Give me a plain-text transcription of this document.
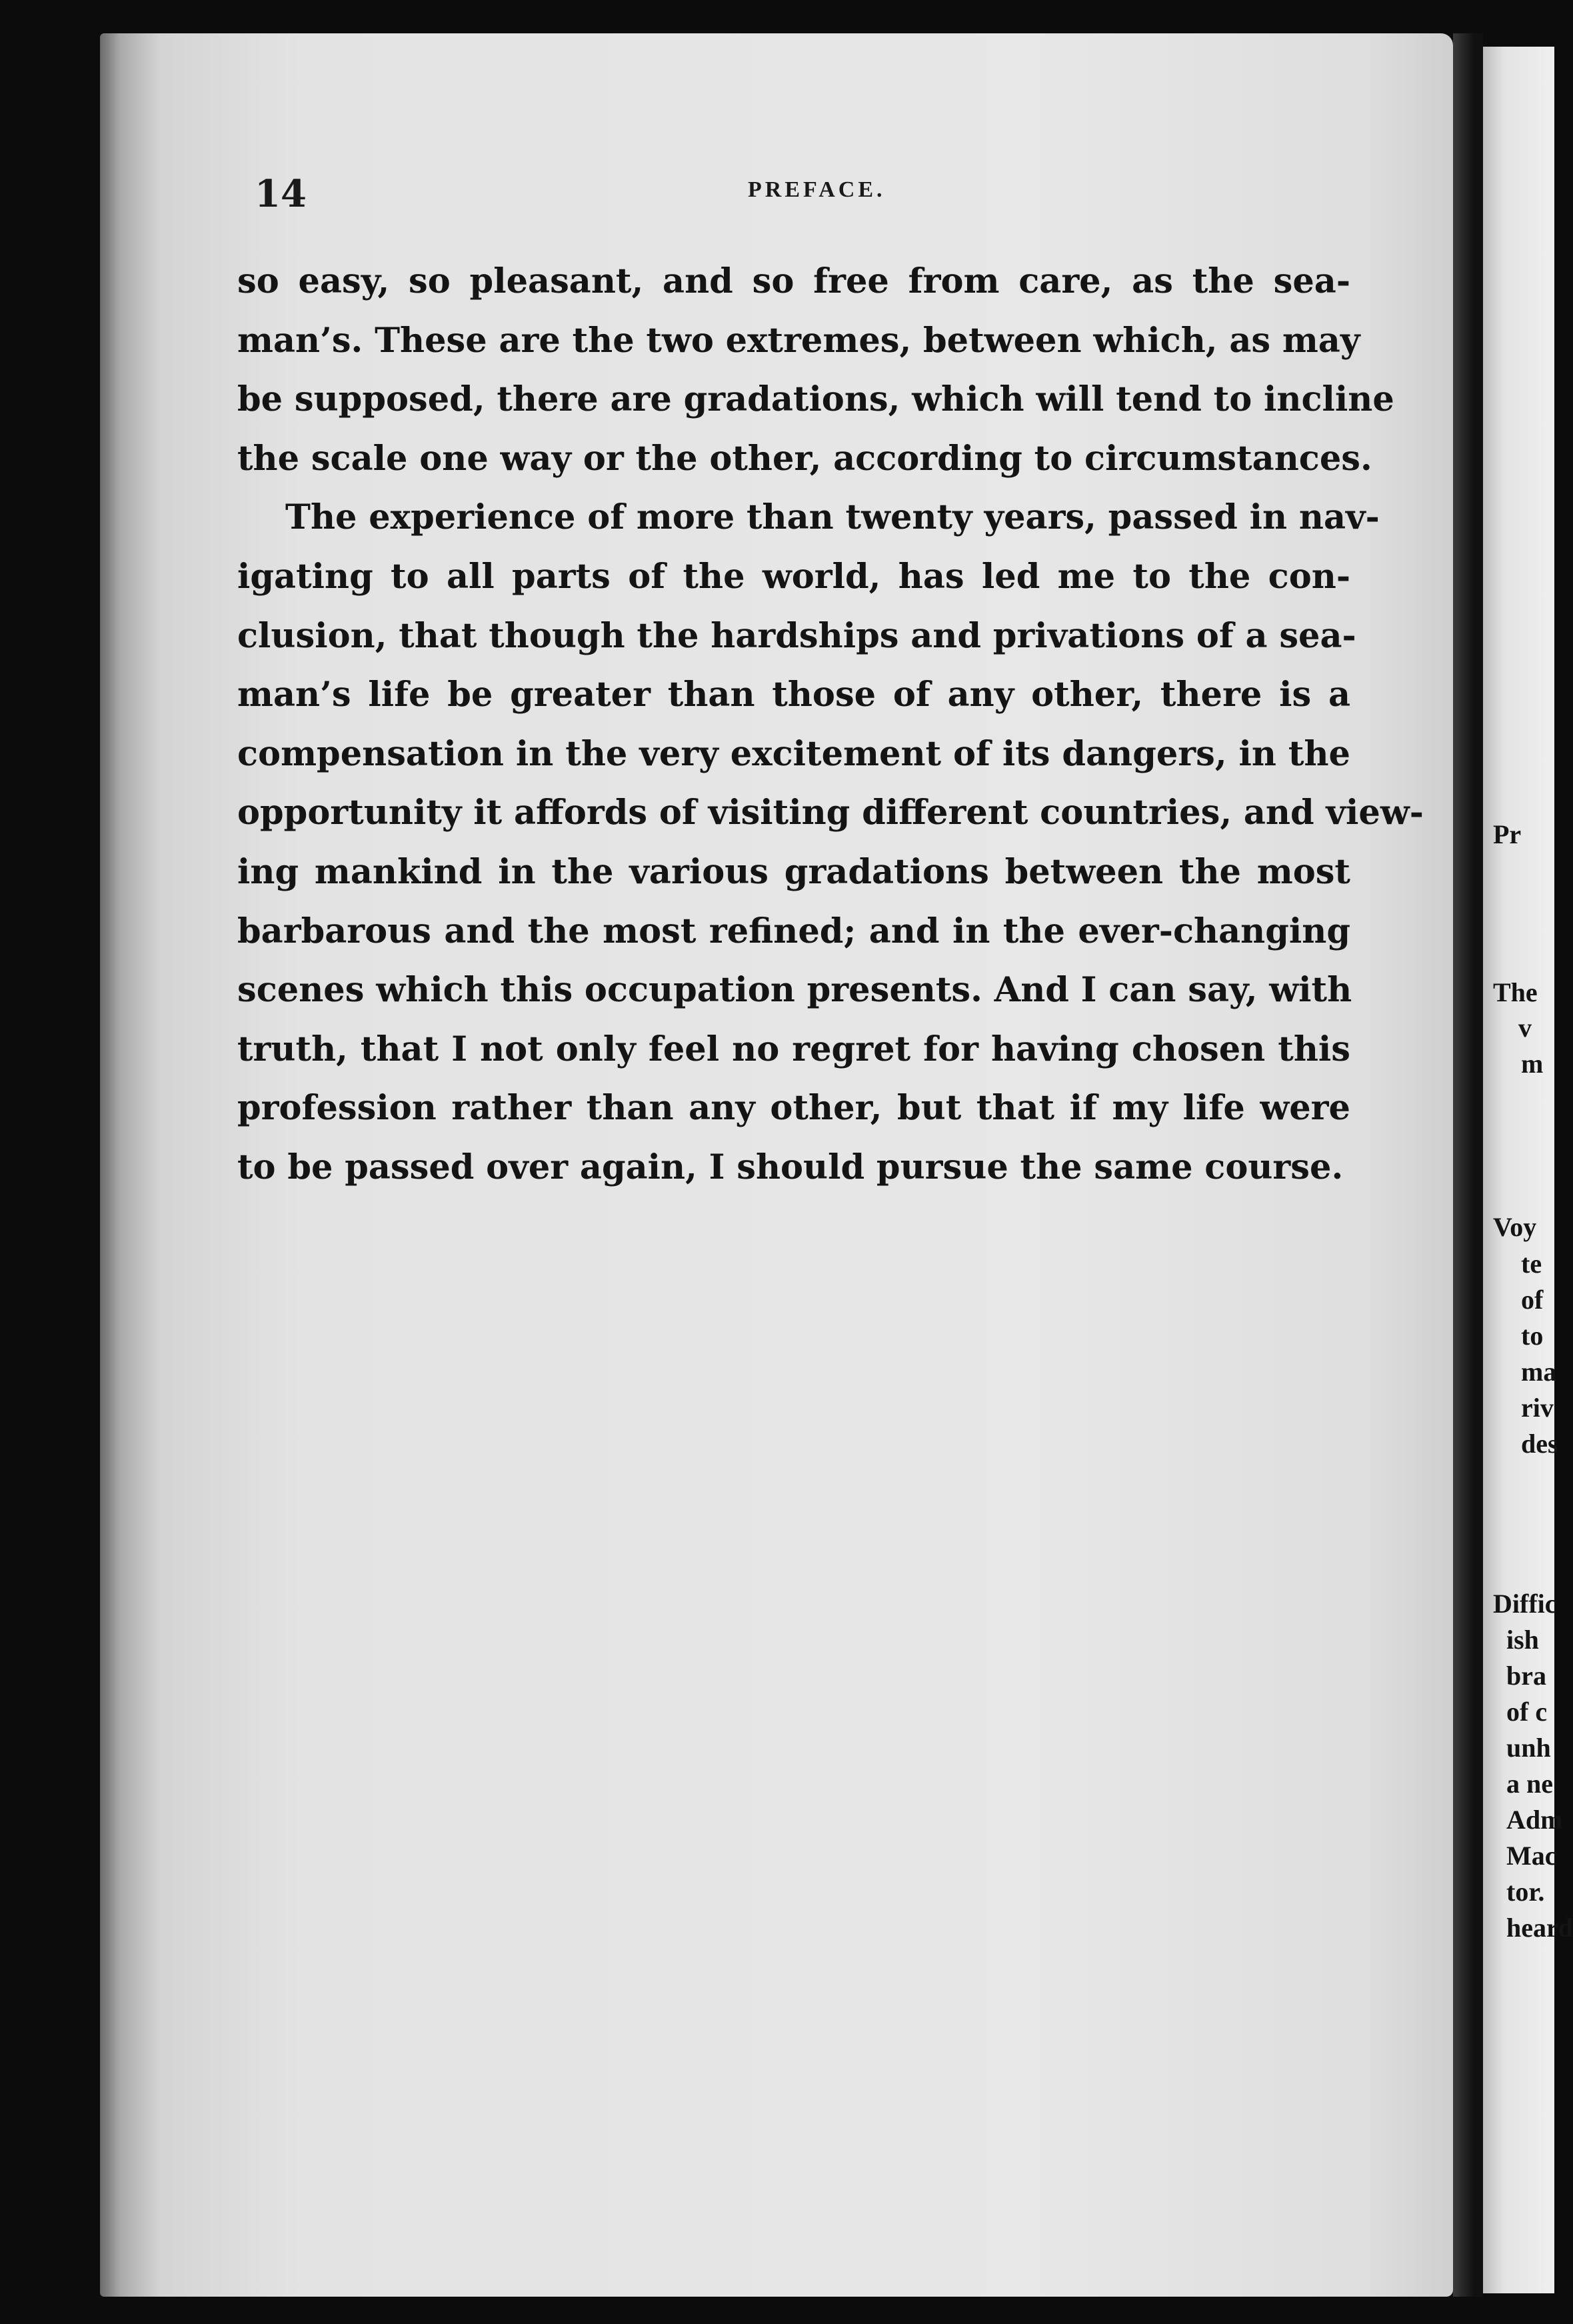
14	PREFACE.
so easy, so pleasant, and so free from care, as the sea-
man’s. These are the two extremes, between which, as may
be supposed, there are gradations, which will tend to incline
the scale one way or the other, according to circumstances.
The experience of more than twenty years, passed in nav-
igating to all parts of the world, has led me to the con-
clusion, that though the hardships and privations of a sea-
man’s life be greater than those of any other, there is a
compensation in the very excitement of its dangers, in the
opportunity it affords of visiting different countries, and view-
ing mankind in the various gradations between the most
barbarous and the most refined; and in the ever-changing
scenes which this occupation presents. And I can say, with
truth, that I not only feel no regret for having chosen this
profession rather than any other, but that if my life were
to be passed over again, I should pursue the same course.
Pr
The
v
m
Voy
te
of
to
ma
riv
des
Diffic
ish
bra
of c
unh
a ne
Adm
Mac
tor.
heard
